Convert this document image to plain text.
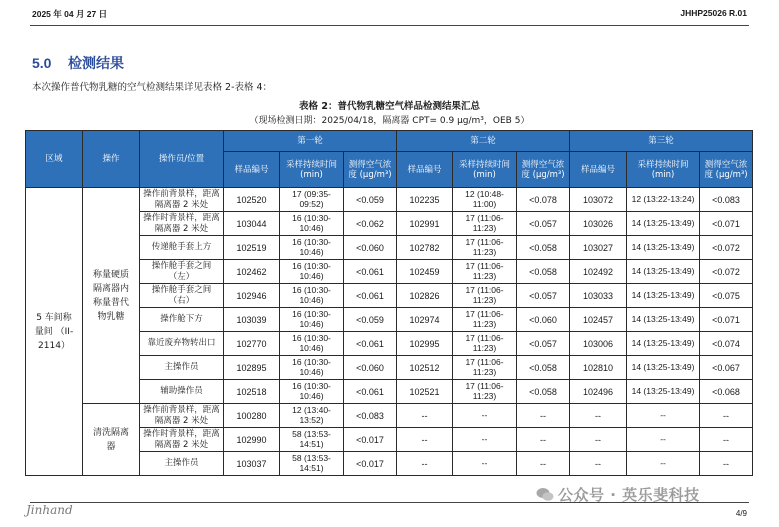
2025 年 04 月 27 日	JHHP25026 R.01
5.0 检测结果
本次操作普代物乳糖的空气检测结果详见表格 2-表格 4：
表格 2：普代物乳糖空气样品检测结果汇总
（现场检测日期：2025/04/18，隔离器 CPT= 0.9 μg/m³，OEB 5）
区域	操作	操作员/位置	第一轮			第二轮			第三轮		
			样品编号	采样持续时间 (min)	测得空气浓度 (μg/m³)	样品编号	采样持续时间 (min)	测得空气浓度 (μg/m³)	样品编号	采样持续时间 (min)	测得空气浓度 (μg/m³)
5 车间称量间 （II-2114）	称量硬质隔离器内称量普代物乳糖	操作前背景样，距离隔离器 2 米处	102520	17 (09:35-09:52)	<0.059	102235	12 (10:48-11:00)	<0.078	103072	12 (13:22-13:24)	<0.083
		操作时背景样，距离隔离器 2 米处	103044	16 (10:30-10:46)	<0.062	102991	17 (11:06-11:23)	<0.057	103026	14 (13:25-13:49)	<0.071
		传递舱手套上方	102519	16 (10:30-10:46)	<0.060	102782	17 (11:06-11:23)	<0.058	103027	14 (13:25-13:49)	<0.072
		操作舱手套之间（左）	102462	16 (10:30-10:46)	<0.061	102459	17 (11:06-11:23)	<0.058	102492	14 (13:25-13:49)	<0.072
		操作舱手套之间（右）	102946	16 (10:30-10:46)	<0.061	102826	17 (11:06-11:23)	<0.057	103033	14 (13:25-13:49)	<0.075
		操作舱下方	103039	16 (10:30-10:46)	<0.059	102974	17 (11:06-11:23)	<0.060	102457	14 (13:25-13:49)	<0.071
		靠近废弃物转出口	102770	16 (10:30-10:46)	<0.061	102995	17 (11:06-11:23)	<0.057	103006	14 (13:25-13:49)	<0.074
		主操作员	102895	16 (10:30-10:46)	<0.060	102512	17 (11:06-11:23)	<0.058	102810	14 (13:25-13:49)	<0.067
		辅助操作员	102518	16 (10:30-10:46)	<0.061	102521	17 (11:06-11:23)	<0.058	102496	14 (13:25-13:49)	<0.068
	清洗隔离器	操作前背景样，距离隔离器 2 米处	100280	12 (13:40-13:52)	<0.083	--	--	--	--	--	--
		操作时背景样，距离隔离器 2 米处	102990	58 (13:53-14:51)	<0.017	--	--	--	--	--	--
		主操作员	103037	58 (13:53-14:51)	<0.017	--	--	--	--	--	--
Jinhand
公众号 · 英乐斐科技
4/9
